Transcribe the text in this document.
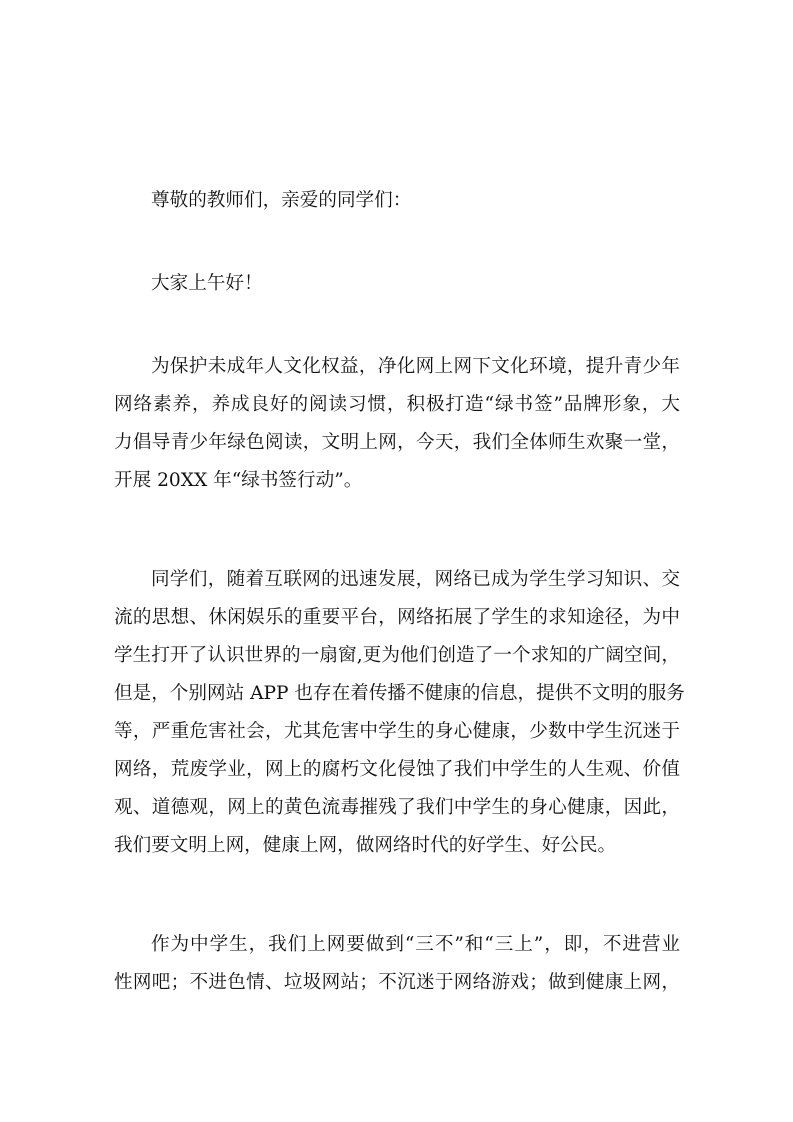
尊敬的教师们，亲爱的同学们：
大家上午好！
为保护未成年人文化权益，净化网上网下文化环境，提升青少年
网络素养，养成良好的阅读习惯，积极打造“绿书签”品牌形象，大
力倡导青少年绿色阅读，文明上网，今天，我们全体师生欢聚一堂，
开展 20XX 年“绿书签行动”。
同学们，随着互联网的迅速发展，网络已成为学生学习知识、交
流的思想、休闲娱乐的重要平台，网络拓展了学生的求知途径，为中
学生打开了认识世界的一扇窗,更为他们创造了一个求知的广阔空间，
但是，个别网站 APP 也存在着传播不健康的信息，提供不文明的服务
等，严重危害社会，尤其危害中学生的身心健康，少数中学生沉迷于
网络，荒废学业，网上的腐朽文化侵蚀了我们中学生的人生观、价值
观、道德观，网上的黄色流毒摧残了我们中学生的身心健康，因此，
我们要文明上网，健康上网，做网络时代的好学生、好公民。
作为中学生，我们上网要做到“三不”和“三上”，即，不进营业
性网吧；不进色情、垃圾网站；不沉迷于网络游戏；做到健康上网，
